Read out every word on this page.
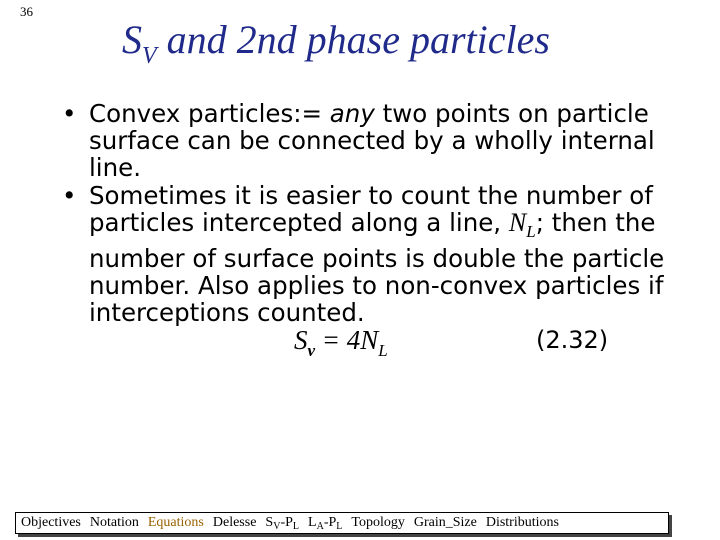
36
$S_V$ and 2nd phase particles
• Convex particles:= any two points on particle surface can be connected by a wholly internal line.
• Sometimes it is easier to count the number of particles intercepted along a line, $N_L$; then the number of surface points is double the particle number. Also applies to non-convex particles if interceptions counted.
$S_v = 4N_L$	(2.32)
Objectives Notation Equations Delesse $S_V-P_L$ $L_A-P_L$ Topology Grain_Size Distributions
